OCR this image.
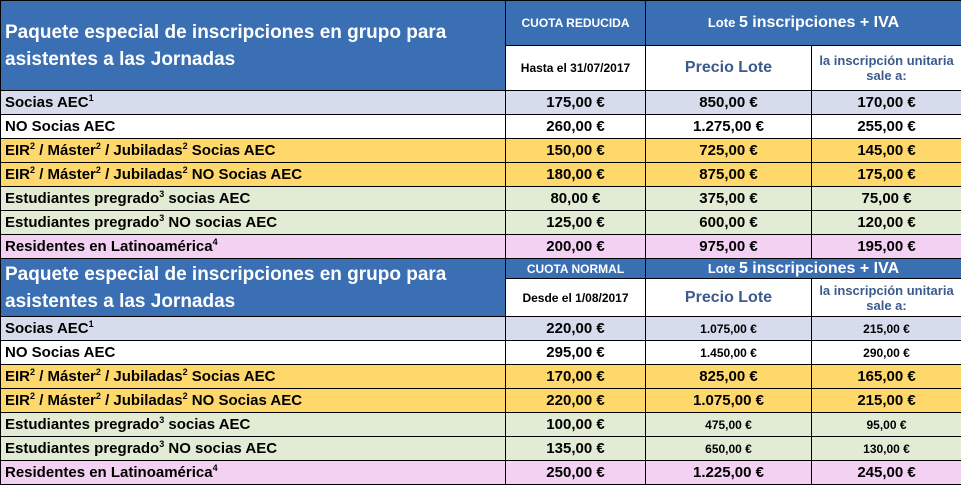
Paquete especial de inscripciones en grupo para asistentes a las Jornadas	CUOTA REDUCIDA	Lote 5 inscripciones + IVA	
	Hasta el 31/07/2017	Precio Lote	la inscripción unitaria sale a:
Socias AEC$^1$	175,00 €	850,00 €	170,00 €
NO Socias AEC	260,00 €	1.275,00 €	255,00 €
EIR$^2$ / Máster$^2$ / Jubiladas$^2$ Socias AEC	150,00 €	725,00 €	145,00 €
EIR$^2$ / Máster$^2$ / Jubiladas$^2$ NO Socias AEC	180,00 €	875,00 €	175,00 €
Estudiantes pregrado$^3$ socias AEC	80,00 €	375,00 €	75,00 €
Estudiantes pregrado$^3$ NO socias AEC	125,00 €	600,00 €	120,00 €
Residentes en Latinoamérica$^4$	200,00 €	975,00 €	195,00 €
Paquete especial de inscripciones en grupo para asistentes a las Jornadas	CUOTA NORMAL	Lote 5 inscripciones + IVA	
	Desde el 1/08/2017	Precio Lote	la inscripción unitaria sale a:
Socias AEC$^1$	220,00 €	1.075,00 €	215,00 €
NO Socias AEC	295,00 €	1.450,00 €	290,00 €
EIR$^2$ / Máster$^2$ / Jubiladas$^2$ Socias AEC	170,00 €	825,00 €	165,00 €
EIR$^2$ / Máster$^2$ / Jubiladas$^2$ NO Socias AEC	220,00 €	1.075,00 €	215,00 €
Estudiantes pregrado$^3$ socias AEC	100,00 €	475,00 €	95,00 €
Estudiantes pregrado$^3$ NO socias AEC	135,00 €	650,00 €	130,00 €
Residentes en Latinoamérica$^4$	250,00 €	1.225,00 €	245,00 €
